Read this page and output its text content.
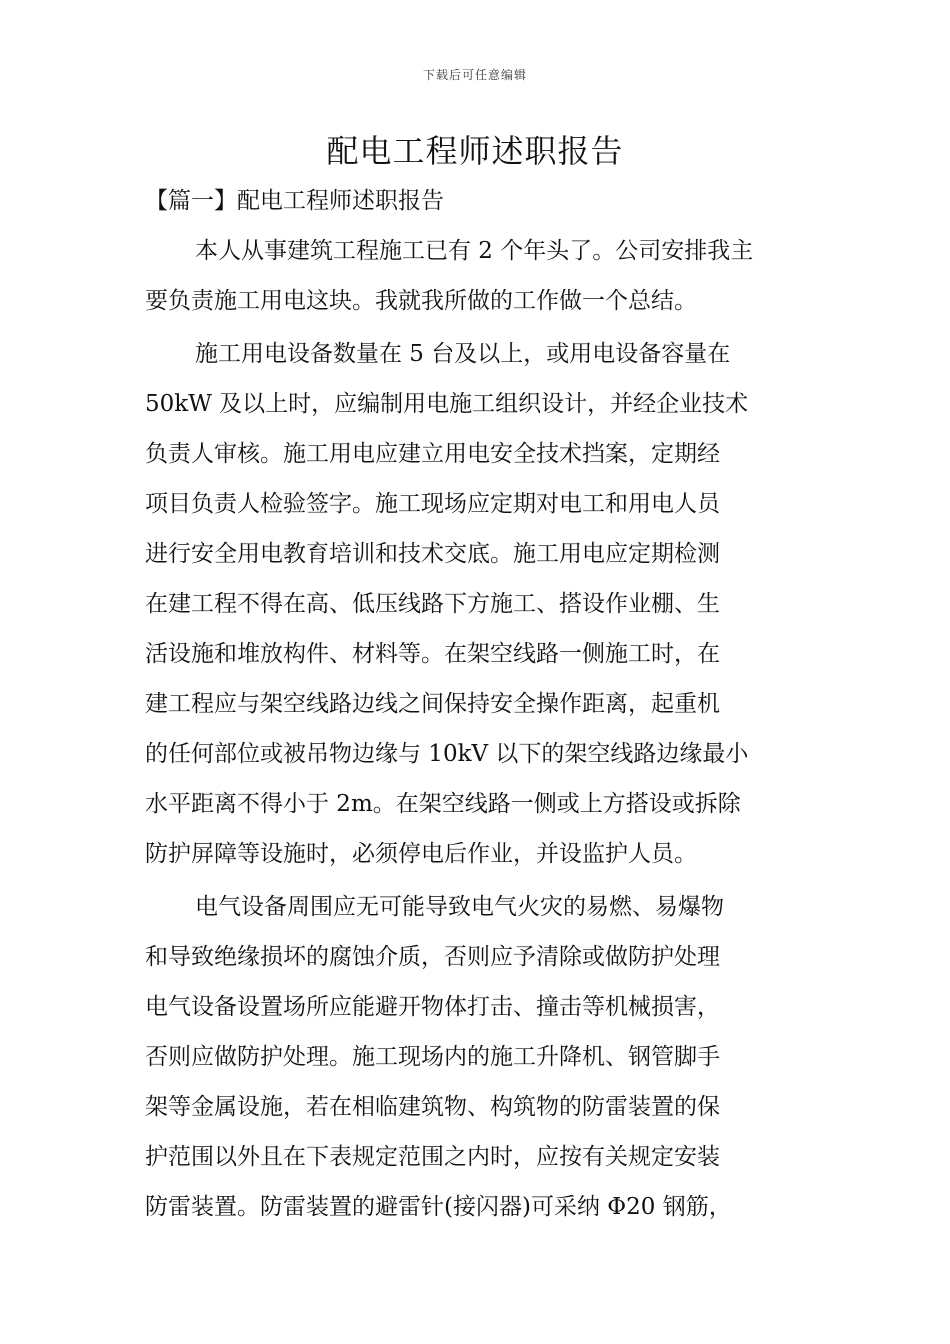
下载后可任意编辑
配电工程师述职报告
【篇一】配电工程师述职报告
本人从事建筑工程施工已有 2 个年头了。公司安排我主
要负责施工用电这块。我就我所做的工作做一个总结。
施工用电设备数量在 5 台及以上，或用电设备容量在
50kW 及以上时，应编制用电施工组织设计，并经企业技术
负责人审核。施工用电应建立用电安全技术挡案，定期经
项目负责人检验签字。施工现场应定期对电工和用电人员
进行安全用电教育培训和技术交底。施工用电应定期检测
在建工程不得在高、低压线路下方施工、搭设作业棚、生
活设施和堆放构件、材料等。在架空线路一侧施工时，在
建工程应与架空线路边线之间保持安全操作距离，起重机
的任何部位或被吊物边缘与 10kV 以下的架空线路边缘最小
水平距离不得小于 2m。在架空线路一侧或上方搭设或拆除
防护屏障等设施时，必须停电后作业，并设监护人员。
电气设备周围应无可能导致电气火灾的易燃、易爆物
和导致绝缘损坏的腐蚀介质，否则应予清除或做防护处理
电气设备设置场所应能避开物体打击、撞击等机械损害，
否则应做防护处理。施工现场内的施工升降机、钢管脚手
架等金属设施，若在相临建筑物、构筑物的防雷装置的保
护范围以外且在下表规定范围之内时，应按有关规定安装
防雷装置。防雷装置的避雷针(接闪器)可采纳 Φ20 钢筋，
